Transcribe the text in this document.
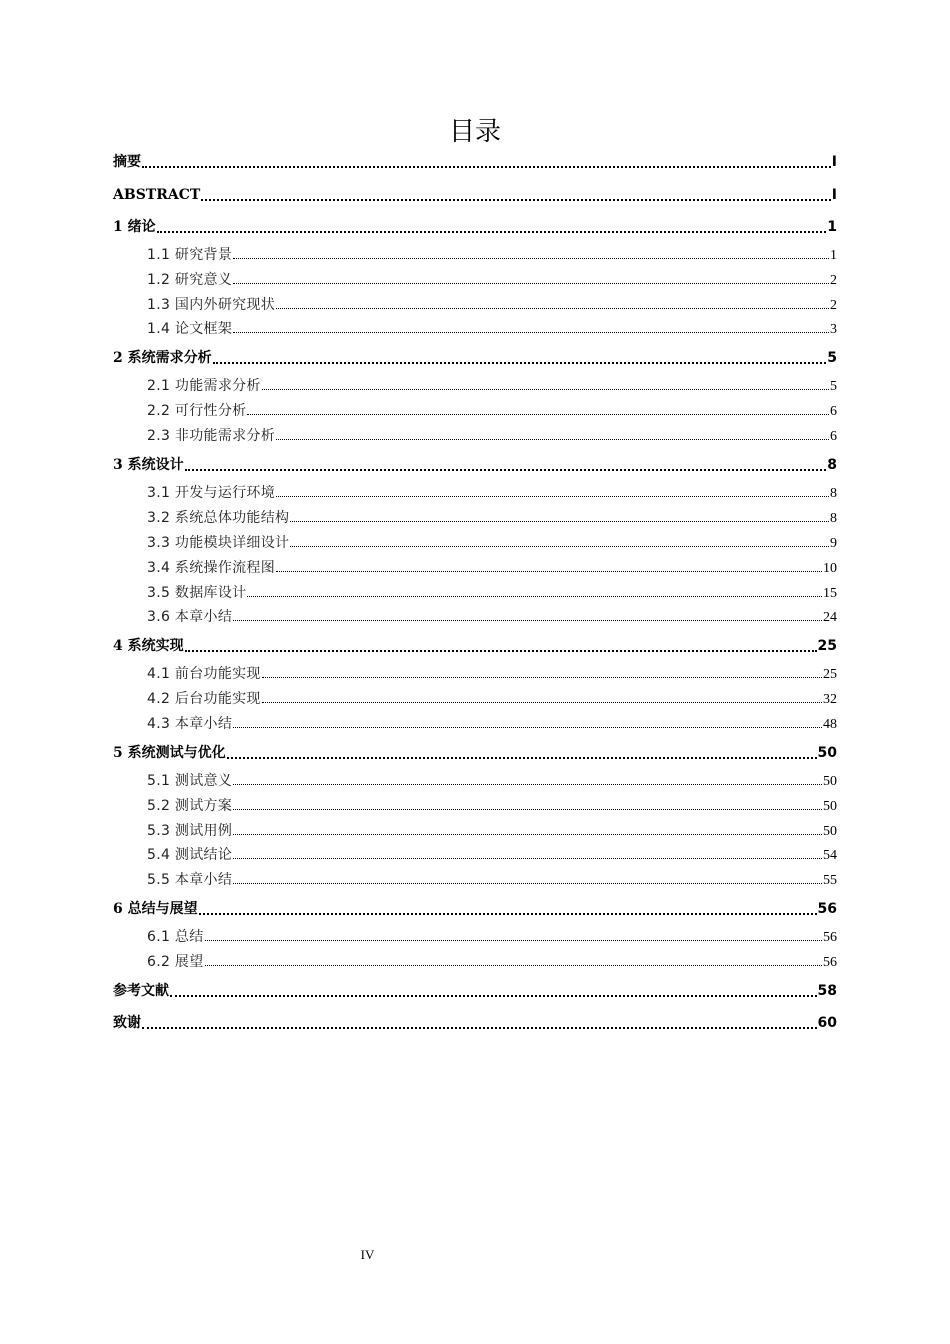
目录
摘要	I
ABSTRACT	I
1 绪论	1
1.1 研究背景	1
1.2 研究意义	2
1.3 国内外研究现状	2
1.4 论文框架	3
2 系统需求分析	5
2.1 功能需求分析	5
2.2 可行性分析	6
2.3 非功能需求分析	6
3 系统设计	8
3.1 开发与运行环境	8
3.2 系统总体功能结构	8
3.3 功能模块详细设计	9
3.4 系统操作流程图	10
3.5 数据库设计	15
3.6 本章小结	24
4 系统实现	25
4.1 前台功能实现	25
4.2 后台功能实现	32
4.3 本章小结	48
5 系统测试与优化	50
5.1 测试意义	50
5.2 测试方案	50
5.3 测试用例	50
5.4 测试结论	54
5.5 本章小结	55
6 总结与展望	56
6.1 总结	56
6.2 展望	56
参考文献	58
致谢	60
IV
